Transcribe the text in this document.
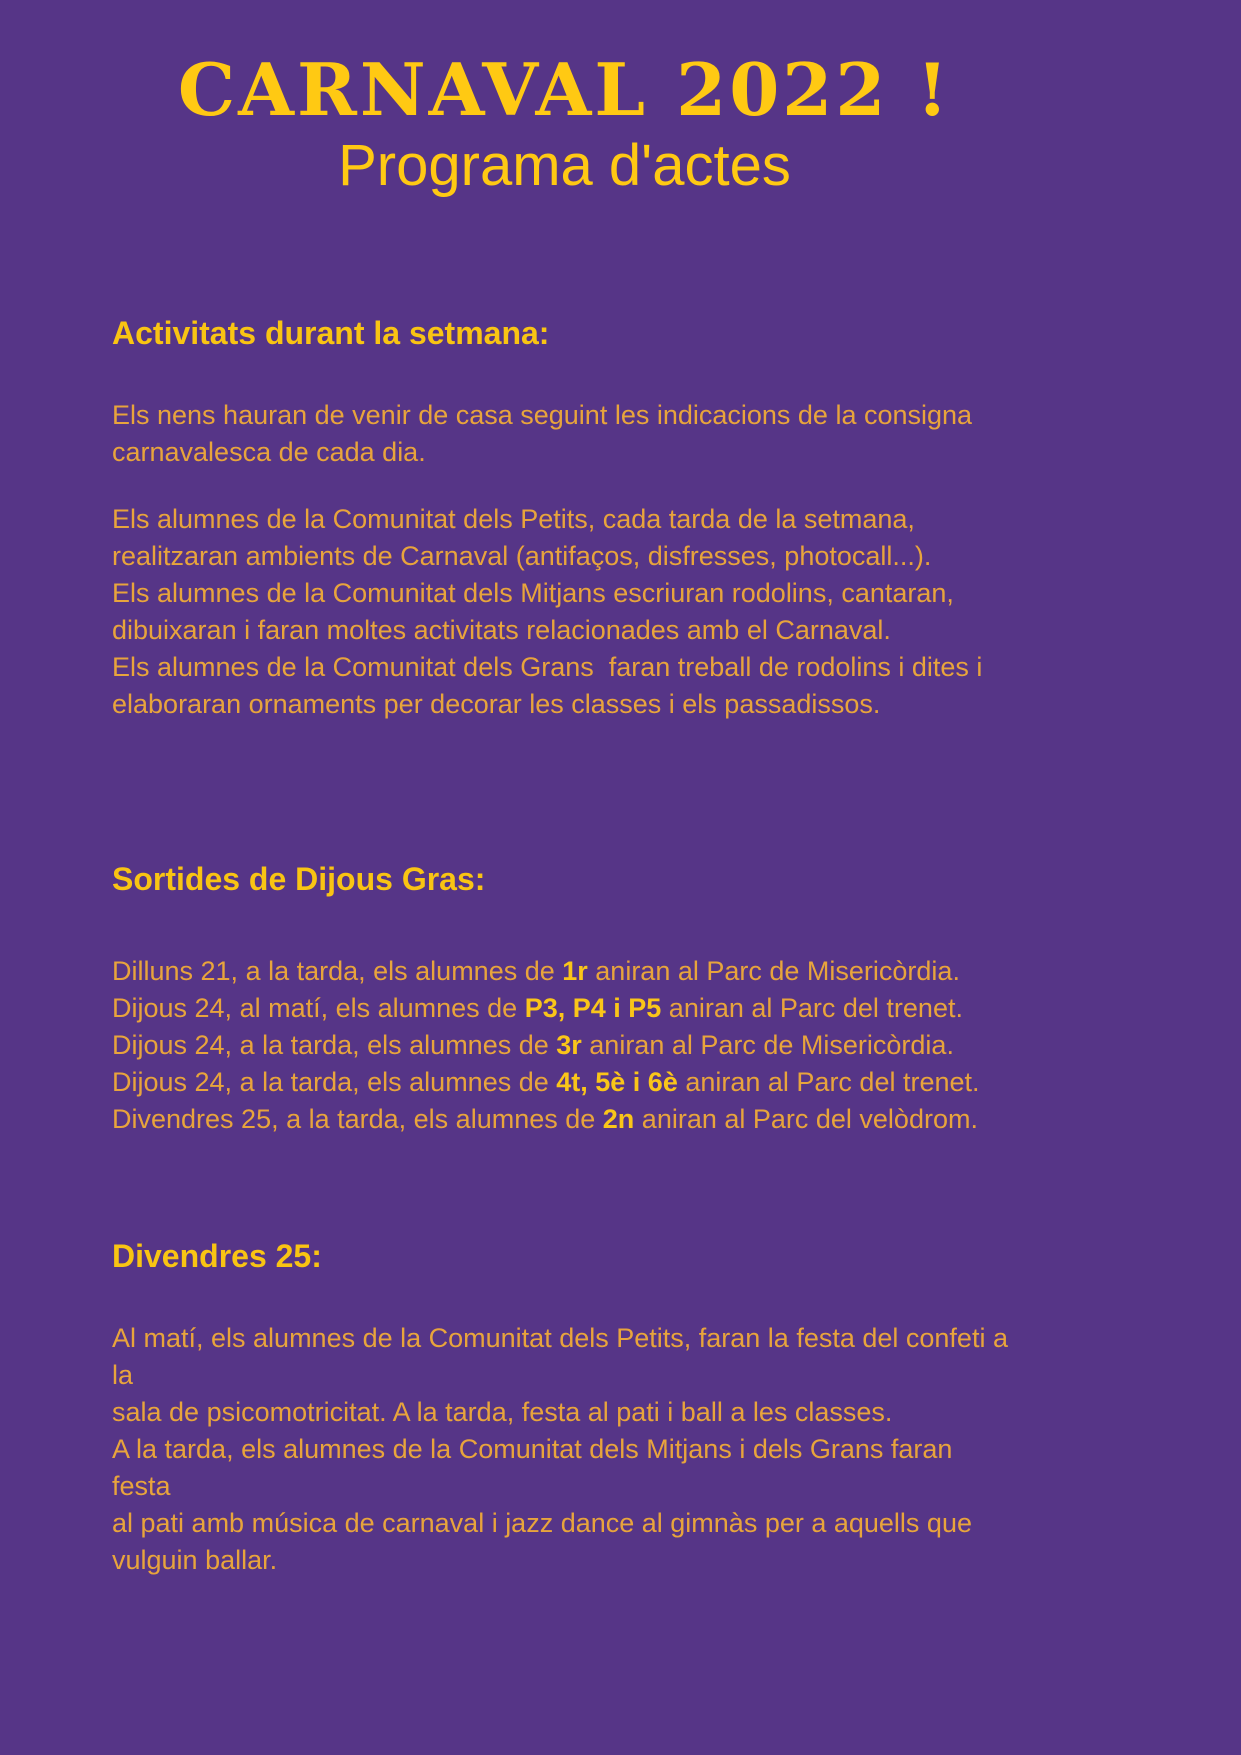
CARNAVAL 2022 !
Programa d'actes
Activitats durant la setmana:
Els nens hauran de venir de casa seguint les indicacions de la consigna
carnavalesca de cada dia.
Els alumnes de la Comunitat dels Petits, cada tarda de la setmana,
realitzaran ambients de Carnaval (antifaços, disfresses, photocall...).
Els alumnes de la Comunitat dels Mitjans escriuran rodolins, cantaran,
dibuixaran i faran moltes activitats relacionades amb el Carnaval.
Els alumnes de la Comunitat dels Grans  faran treball de rodolins i dites i
elaboraran ornaments per decorar les classes i els passadissos.
Sortides de Dijous Gras:
Dilluns 21, a la tarda, els alumnes de 1r aniran al Parc de Misericòrdia.
Dijous 24, al matí, els alumnes de P3, P4 i P5 aniran al Parc del trenet.
Dijous 24, a la tarda, els alumnes de 3r aniran al Parc de Misericòrdia.
Dijous 24, a la tarda, els alumnes de 4t, 5è i 6è aniran al Parc del trenet.
Divendres 25, a la tarda, els alumnes de 2n aniran al Parc del velòdrom.
Divendres 25:
Al matí, els alumnes de la Comunitat dels Petits, faran la festa del confeti a la
sala de psicomotricitat. A la tarda, festa al pati i ball a les classes.
A la tarda, els alumnes de la Comunitat dels Mitjans i dels Grans faran festa
al pati amb música de carnaval i jazz dance al gimnàs per a aquells que
vulguin ballar.
